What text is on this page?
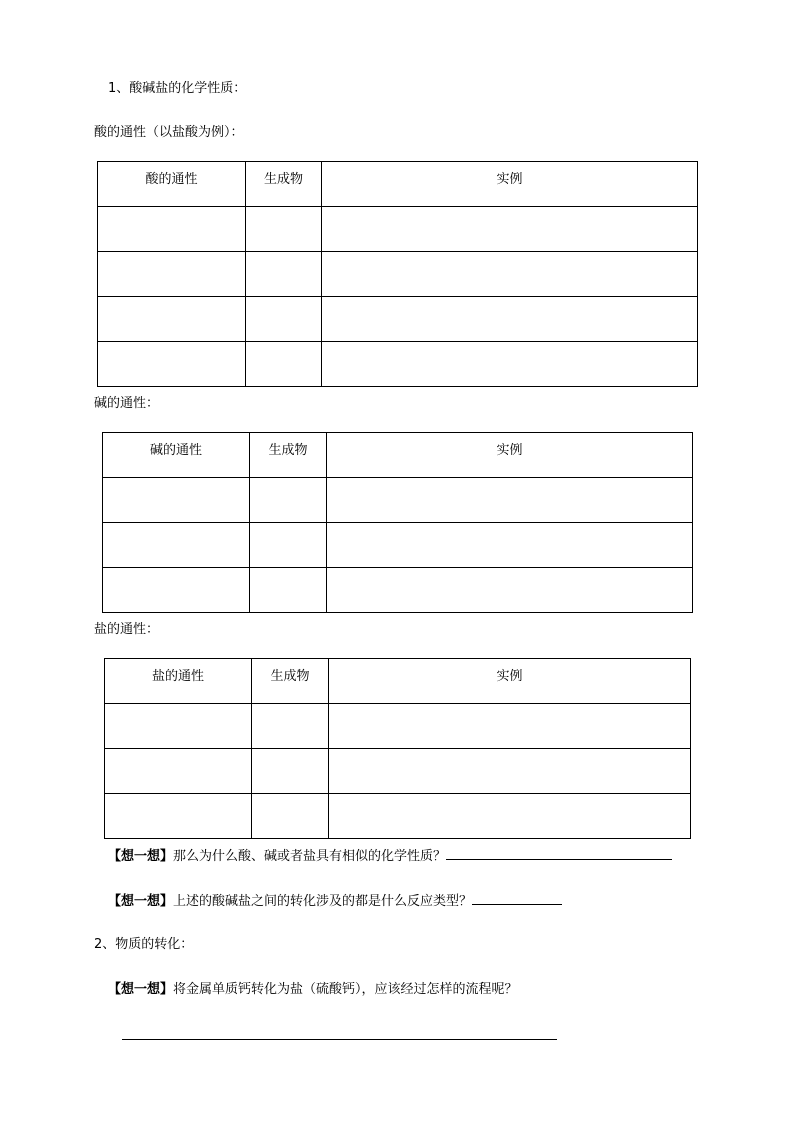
1、酸碱盐的化学性质：
酸的通性（以盐酸为例）：
酸的通性	生成物	实例

碱的通性：
碱的通性	生成物	实例

盐的通性：
盐的通性	生成物	实例

【想一想】那么为什么酸、碱或者盐具有相似的化学性质？
【想一想】上述的酸碱盐之间的转化涉及的都是什么反应类型？
2、物质的转化：
【想一想】将金属单质钙转化为盐（硫酸钙），应该经过怎样的流程呢？
